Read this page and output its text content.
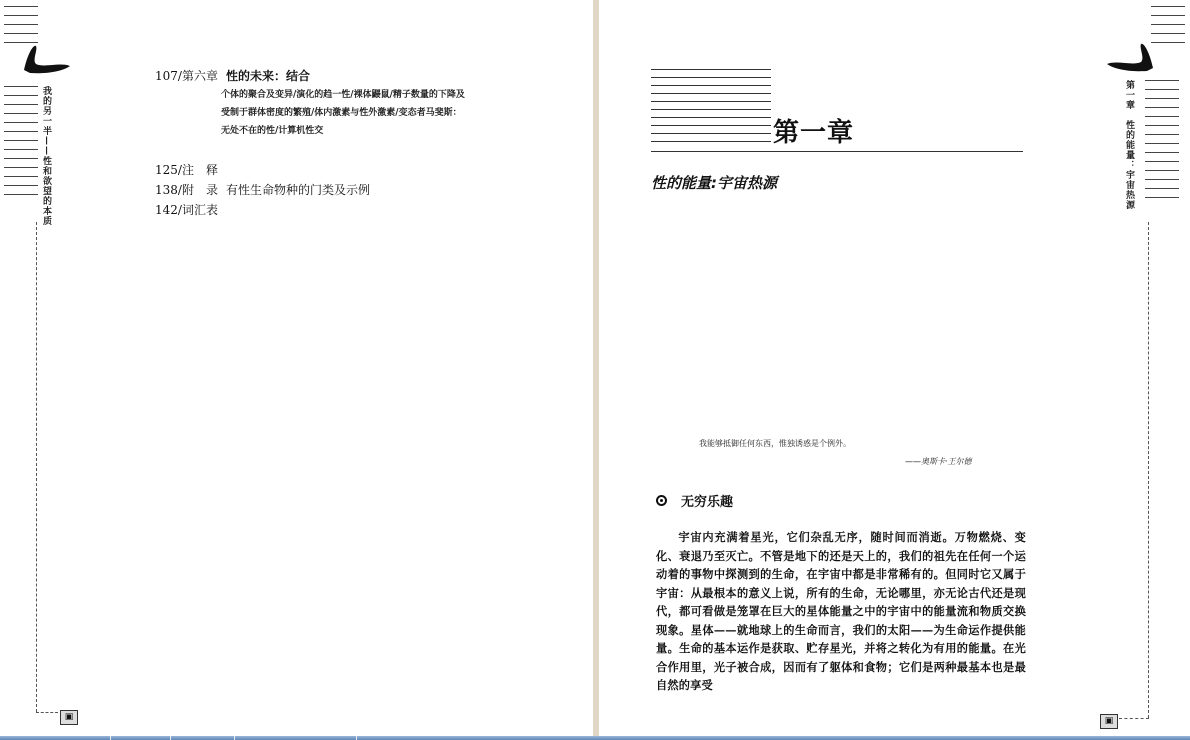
我的另一半——性和欲望的本质
▣
107/第六章 性的未来：结合
个体的聚合及变异/演化的趋一性/裸体鼹鼠/精子数量的下降及
受制于群体密度的繁殖/体内激素与性外激素/变态者马斐斯：
无处不在的性/计算机性交
125/注　释
138/附　录 有性生命物种的门类及示例
142/词汇表
第一章
性的能量:宇宙热源
我能够抵御任何东西，惟独诱惑是个例外。
——奥斯卡·王尔德
无穷乐趣
宇宙内充满着星光，它们杂乱无序，随时间而消逝。万物燃烧、变化、衰退乃至灭亡。不管是地下的还是天上的，我们的祖先在任何一个运动着的事物中探测到的生命，在宇宙中都是非常稀有的。但同时它又属于宇宙：从最根本的意义上说，所有的生命，无论哪里，亦无论古代还是现代，都可看做是笼罩在巨大的星体能量之中的宇宙中的能量流和物质交换现象。星体——就地球上的生命而言，我们的太阳——为生命运作提供能量。生命的基本运作是获取、贮存星光，并将之转化为有用的能量。在光合作用里，光子被合成，因而有了躯体和食物；它们是两种最基本也是最自然的享受
第一章　性的能量：宇宙热源
▣
